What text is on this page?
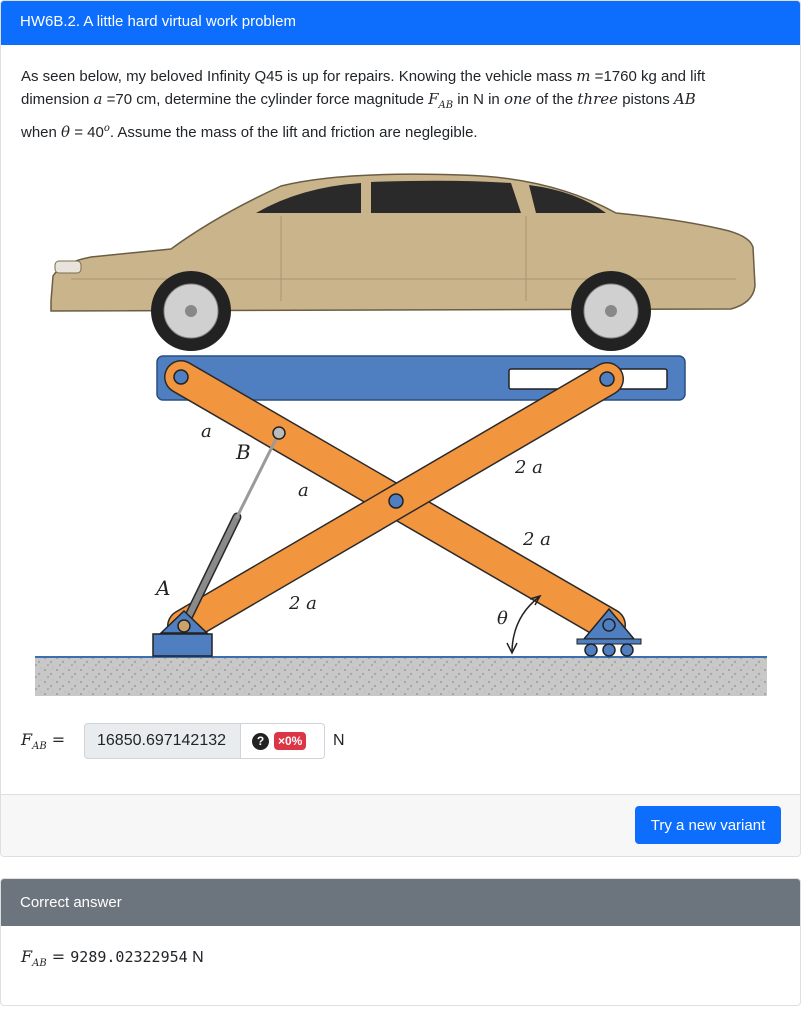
HW6B.2. A little hard virtual work problem
As seen below, my beloved Infinity Q45 is up for repairs. Knowing the vehicle mass m =1760 kg and lift
dimension a =70 cm, determine the cylinder force magnitude $F_{AB}$ in N in one of the three pistons AB
when $\theta = 40^o$. Assume the mass of the lift and friction are neglegible.
a
B
a
2 a
2 a
A
2 a
θ
$F_{AB}$ =
16850.697142132	?	×0% N
Try a new variant
Correct answer
$F_{AB} = 9289.02322954$ N
